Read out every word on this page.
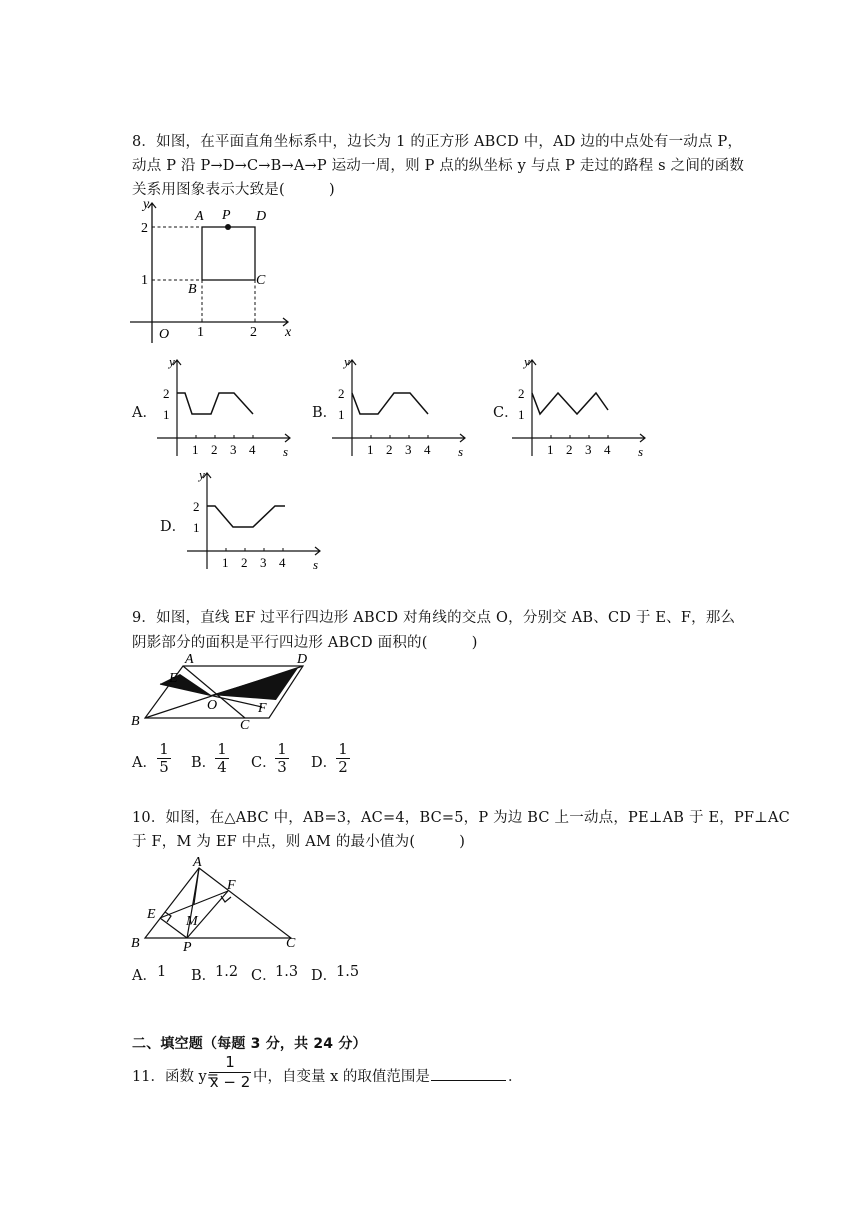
8．如图，在平面直角坐标系中，边长为 1 的正方形 ABCD 中，AD 边的中点处有一动点 P，
动点 P 沿 P→D→C→B→A→P 运动一周，则 P 点的纵坐标 y 与点 P 走过的路程 s 之间的函数
关系用图象表示大致是(　　　)
y
x
O
A P D
B
C
2
1
1	2
A．
y
s
2
1
1 2 3 4
B．
y
s
2
1
1 2 3 4
C．
y
s
2
1
1 2 3 4
D．
y
s
2
1
1 2 3 4
9．如图，直线 EF 过平行四边形 ABCD 对角线的交点 O，分别交 AB、CD 于 E、F，那么
阴影部分的面积是平行四边形 ABCD 面积的(　　　)
A	D
E
O	F
B	C
A． $\frac{1}{5}$ B．
$\frac{1}{4}$ C．
$\frac{1}{3}$ D．
$\frac{1}{2}$
10．如图，在△ABC 中，AB=3，AC=4，BC=5，P 为边 BC 上一动点，PE⊥AB 于 E，PF⊥AC
于 F，M 为 EF 中点，则 AM 的最小值为(　　　)
A
F
E M
B	P	C
A． 1 B．
1.2 C．
1.3 D．
1.5
二、填空题（每题 3 分，共 24 分）
11．函数 y=
$\frac{1}{x - 2}$ 中，自变量 x 的取值范围是	．
